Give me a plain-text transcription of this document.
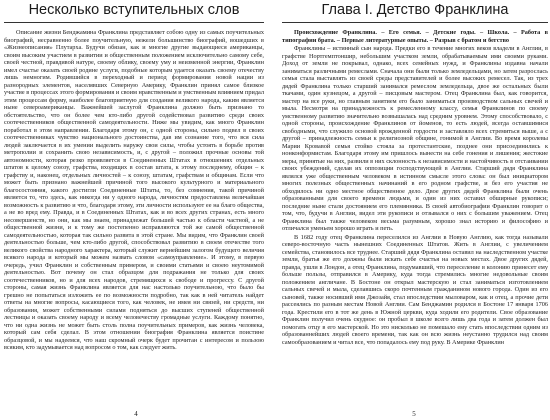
Несколько вступительных слов

Описание жизни Бенджамина Франклина представляет собою одну из самых поучительных биографий, несравненно более поучительную, нежели большинство биографий, вошедших в «Жизнеописания» Плутарха. Будучи обязан, как и многие другие выдающиеся американцы, своим высоким участием в развитии и общественным положением исключительно самому себе, своей честной, правдивой натуре, своему облику, своему уму и неизменной энергии, Франклин имел счастье оказать своей родине услуги, подобные которым удается оказать своему отечеству лишь немногим. Родившийся в переходный и период формирования новой нации из разнородных элементов, населявших Северную Америку, Франклин принял самое близкое участие в процессах этого формирования и своим нравственным и умственным влиянием придал этим процессам форму, наиболее благоприятную для создания великого народа, каким является ныне североамериканцы. Важнейшей заслугой Франклина должно быть признано то обстоятельство, что он более чем кто-либо другой содействовал развитию среди своих соотечественников общественной самодеятельности. Ниже мы увидим, как много Франклин поработал в этом направлении. Благодаря этому он, с одной стороны, сильно подвел в своих соотечественниках чувство национального достоинства, дав им сознание того, что вся сила людей заключается в их умении выделить наружу свои силы, чтобы устоять в борьбе против метрополии и сохранить свою независимость, и, с другой – положил прочные основы той автономности, которая резко проявляется в Соединенных Штатах в отношениях отдельных штатов к целому союзу, графства, входящих в состав штата, к этому последнему, общин – к графству и, наконец, отдельных личностей – к союзу, штатам, графствам и общинам. Если что может быть признано важнейшей причиной того высокого культурного и материального благосостояния, какого достигли Соединенные Штаты, то, без сомнения, такой причиной является то, что здесь, как никогда ни у одного народа, личностям предоставлена величайшая возможность к развитию и что, благодаря этому, эти личности используют ее на благо общества, а не во вред ему. Правда, и в Соединенных Штатах, как и во всех других странах, есть много несовершенств, но они, как мы знаем, принадлежат большей частью к области частной, а не общественной жизни, и к тому же постепенно исправляются той же самой общественной самодеятельностью, которая так сильно развита в этой стране. Мы видим, что Франклин своей деятельностью больше, чем кто-либо другой, способствовал развитию в своем отечестве того великого свойства народного характера, который служит вернейшим залогом будущего величия всякого народа и который мы можем назвать словом «самоуправление». И этому, в первую очередь, учил Франклин и собственным примером, и своими статьями и своею неутомимой деятельностью. Вот почему он стал образцом для подражания не только для своих соотечественников, но и для всех народов, стремящихся к свободе и прогрессу. С другой стороны, самая жизнь Франклина является для нас настолько поучительною, что было бы грешно не попытаться изложить ее по возможности подробно, так как в ней читатель найдет ответы на многие вопросы, касающиеся того, как человек, не имея ни связей, ни средств, ни образования, может собственными силами подняться до высших ступеней общественной лестницы и оказать своему народу и всему человечеству громадные услуги. Каждому понятно, что ни одна жизнь не может быть столь полна поучительных примеров, как жизнь человека, который сам себя сделал. В этом отношении биография Франклина является поистине образцовой, и мы надеемся, что наш скромный очерк будет прочитан с интересом и пользою всяким, кто задумывается над вопросом о том, как следует жить.

4
Глава I. Детство Франклина

Происхождение Франклина. – Его семья. – Детские годы. – Школа. – Работа в типографии брата. – Первые литературные опыты. – Разрыв с братом и бегство

Франклины – истинный сын народа. Предки его в течение многих веков владели в Англии, в графстве Нортгемптоншир, небольшим участком земли, обрабатываемым ими своими руками. Доход от земли не покрывал, однако, всех семейных нужд, и Франклины издавна начали заниматься различными ремеслами. Сначала они были только земледельцами, но затем разрослась семья стала выставлять из своей среды представителей и более высоких ремесел. Так, из трех дядей Франклина только старший занимался ремеслом земледельца, двое же остальных были ткачами, один кузнецом, а другой – писцовым мастером. Отец Франклина был, как говорится, мастер на все руки, но главным занятием его было заниматься производством сальных свечей и мыла. Несмотря на принадлежность к ремесленному классу, семья Франклинов по своему умственному развитию значительно возвышалась над средним уровнем. Этому способствовало, с одной стороны, происхождение Франклинов от йоменов, то есть людей, всегда оставшимися свободными, что служило основой врожденной гордости и заставляло всех стремиться выше, а с другой – принадлежность семьи к религиозной общине, гонимой в Англии. Во время королевы Марии Кровавой семья стойко стояла за протестантские, позднее они присоединились к нонконформистам. Благодаря этому им пришлось вынести на себе гонения и лишения; жестокие меры, принятые на них, развили в них склонность к независимости и настойчивость в отстаивании своих убеждений, сделав их оппозиции господствующей в Англии. Старший дядя Франклина являлся уже общественным человеком в истинном смысле этого слова: он был инициатором многих полезных общественных начинаний в его родном графстве, и без его участия не обходилось ни одно местное общественное дело. Двое других дядей Франклина были очень образованными для своего времени людьми, и один из них оставил обширные рукописи; последние ныне стали достоянием его племянника. В своей автобиографии Франклин говорит о том, что, будучи в Англии, видел эти рукописи и отзывался о них с большим уважением. Отец Франклина был также человеком весьма разумным, хорошо знал историю и философию и отличался уменьем хорошо играть и петь.

В 1682 году отец Франклина переселился из Англии в Новую Англию, как тогда называли северо-восточную часть нынешних Соединенных Штатов. Жить в Англии, с увеличением семейства, становилось все труднее. Старший дядя Франклина оставил на наследственном участке земли, братья же его должны были искать себе счастья на новых местах. Двое других дядей, правда, ушли в Лондон, а отец Франклина, подумавший, что переселение в колонию принесет ему больше пользы, отправился в Америку, куда тогда стремились многие недовольные своим положением англичане. В Бостоне он открыл мастерскую и стал заниматься изготовлением сальных свечей и мыла, сделавшись скоро почтенным гражданином нового города. Один из его сыновей, также носивший имя Джозайя, стал впоследствии мыловаром, как и отец, а прочие дети рассеялись по разным местам Новой Англии. Сам Бенджамин родился в Бостоне 17 января 1706 года. Крестили его в тот же день в Южной церкви, куда ходили его родители. Свое образование Франклин получил очень скудное: он пробыл в школе всего лишь два года и затем должен был помогать отцу в его мастерской. Но это нисколько не помешало ему стать впоследствии одним из образованнейших людей своего времени, так как он всю жизнь неустанно трудился над своим самообразованием и читал все, что попадалось ему под руку. В Америке Франклин

5
